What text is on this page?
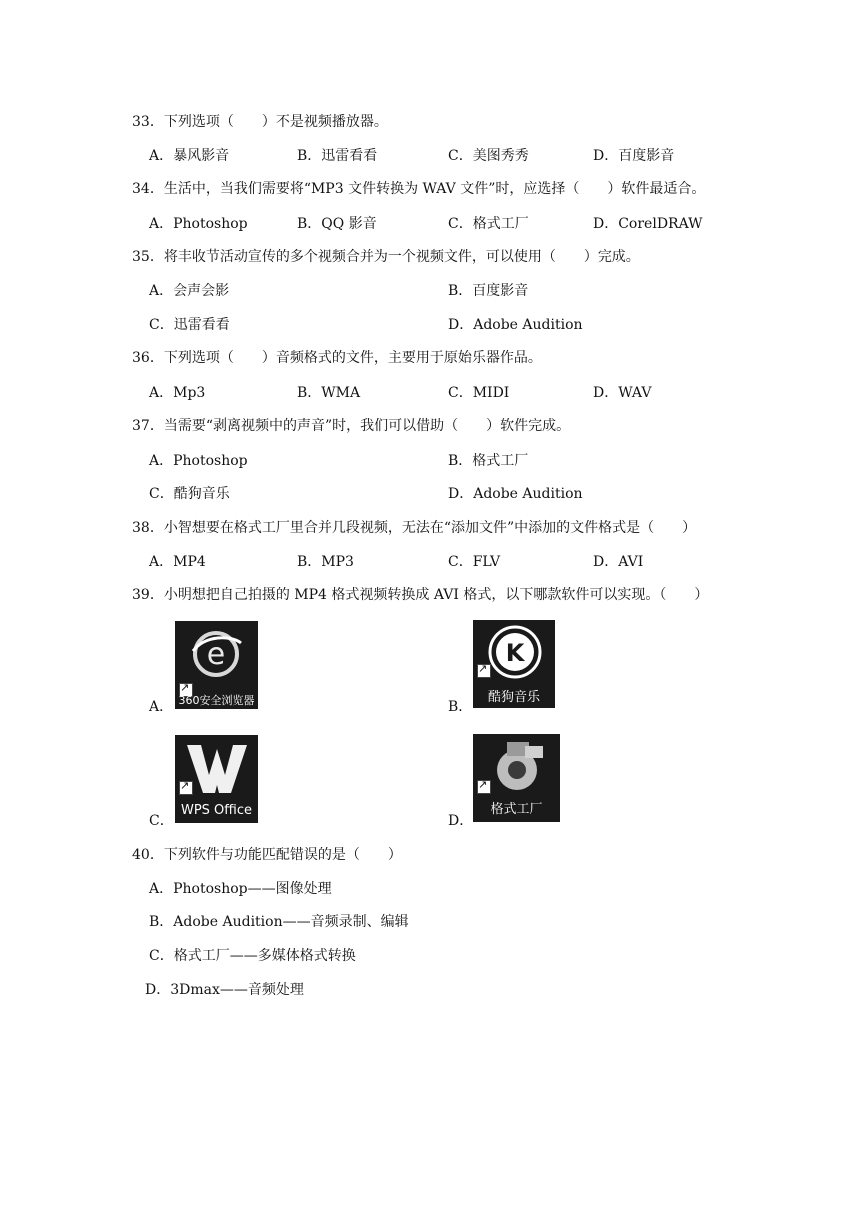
33．下列选项（　　）不是视频播放器。
A．暴风影音	B．迅雷看看	C．美图秀秀	D．百度影音
34．生活中，当我们需要将“MP3 文件转换为 WAV 文件”时，应选择（　　）软件最适合。
A．Photoshop	B．QQ 影音	C．格式工厂	D．CorelDRAW
35．将丰收节活动宣传的多个视频合并为一个视频文件，可以使用（　　）完成。
A．会声会影	B．百度影音
C．迅雷看看	D．Adobe Audition
36．下列选项（　　）音频格式的文件，主要用于原始乐器作品。
A．Mp3	B．WMA	C．MIDI	D．WAV
37．当需要“剥离视频中的声音”时，我们可以借助（　　）软件完成。
A．Photoshop	B．格式工厂
C．酷狗音乐	D．Adobe Audition
38．小智想要在格式工厂里合并几段视频，无法在“添加文件”中添加的文件格式是（　　）
A．MP4	B．MP3	C．FLV	D．AVI
39．小明想把自己拍摄的 MP4 格式视频转换成 AVI 格式，以下哪款软件可以实现。（　　）
A．
e
↗
360安全浏览器	B．
K
↗
酷狗音乐
C．
↗
WPS Office
D．
↗
格式工厂
40．下列软件与功能匹配错误的是（　　）
A．Photoshop——图像处理
B．Adobe Audition——音频录制、编辑
C．格式工厂——多媒体格式转换
D．3Dmax——音频处理
